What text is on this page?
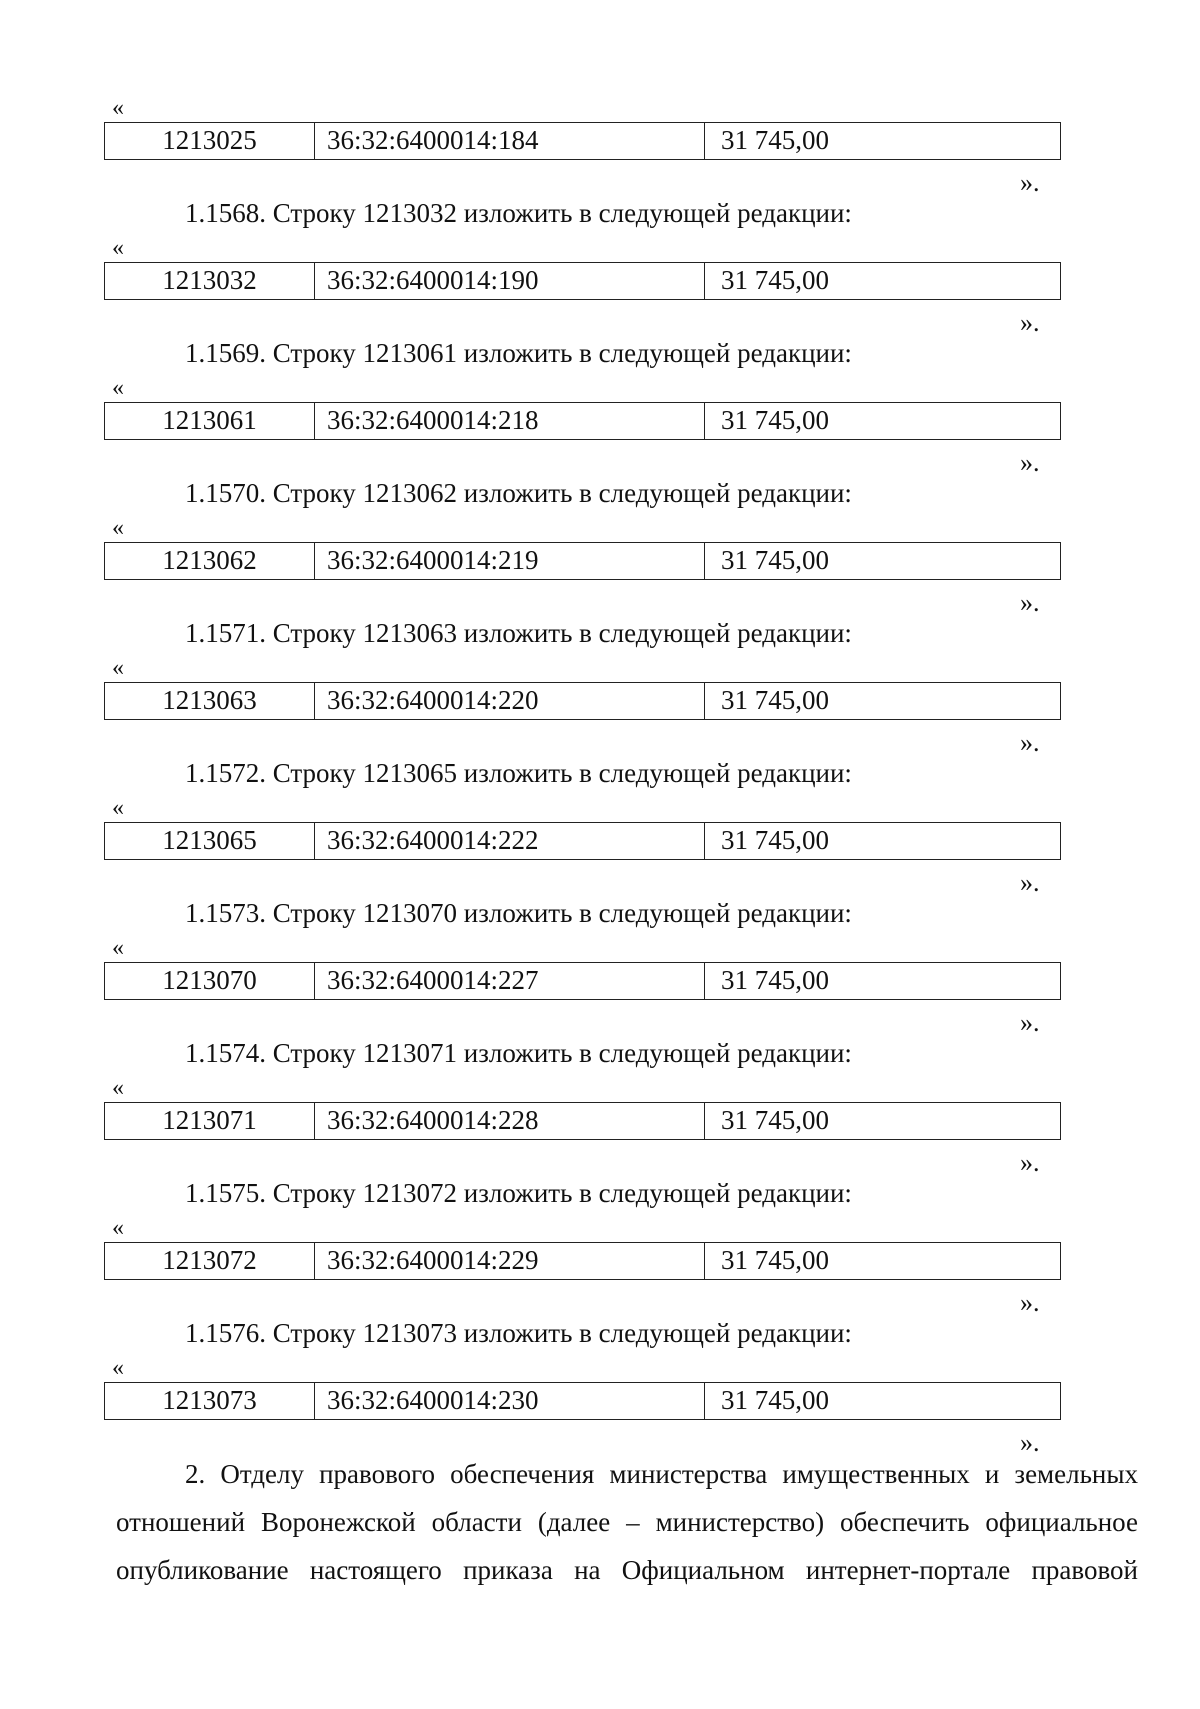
«
1213025	36:32:6400014:184	31 745,00
».
1.1568. Строку 1213032 изложить в следующей редакции:
«
1213032	36:32:6400014:190	31 745,00
».
1.1569. Строку 1213061 изложить в следующей редакции:
«
1213061	36:32:6400014:218	31 745,00
».
1.1570. Строку 1213062 изложить в следующей редакции:
«
1213062	36:32:6400014:219	31 745,00
».
1.1571. Строку 1213063 изложить в следующей редакции:
«
1213063	36:32:6400014:220	31 745,00
».
1.1572. Строку 1213065 изложить в следующей редакции:
«
1213065	36:32:6400014:222	31 745,00
».
1.1573. Строку 1213070 изложить в следующей редакции:
«
1213070	36:32:6400014:227	31 745,00
».
1.1574. Строку 1213071 изложить в следующей редакции:
«
1213071	36:32:6400014:228	31 745,00
».
1.1575. Строку 1213072 изложить в следующей редакции:
«
1213072	36:32:6400014:229	31 745,00
».
1.1576. Строку 1213073 изложить в следующей редакции:
«
1213073	36:32:6400014:230	31 745,00
».
2. Отделу правового обеспечения министерства имущественных и земельных
отношений Воронежской области (далее – министерство) обеспечить официальное
опубликование настоящего приказа на Официальном интернет-портале правовой
